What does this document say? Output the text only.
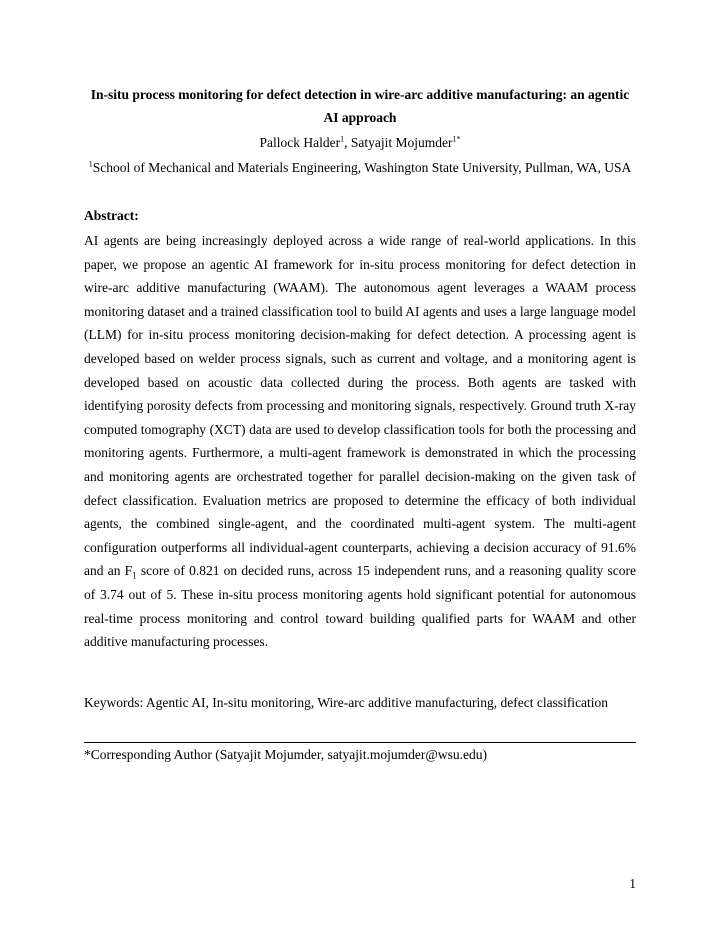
In-situ process monitoring for defect detection in wire-arc additive manufacturing: an agentic AI approach

Pallock Halder$^1$, Satyajit Mojumder$^{1*}$

$^1$School of Mechanical and Materials Engineering, Washington State University, Pullman, WA, USA

Abstract:

AI agents are being increasingly deployed across a wide range of real-world applications. In this paper, we propose an agentic AI framework for in-situ process monitoring for defect detection in wire-arc additive manufacturing (WAAM). The autonomous agent leverages a WAAM process monitoring dataset and a trained classification tool to build AI agents and uses a large language model (LLM) for in-situ process monitoring decision-making for defect detection. A processing agent is developed based on welder process signals, such as current and voltage, and a monitoring agent is developed based on acoustic data collected during the process. Both agents are tasked with identifying porosity defects from processing and monitoring signals, respectively. Ground truth X-ray computed tomography (XCT) data are used to develop classification tools for both the processing and monitoring agents. Furthermore, a multi-agent framework is demonstrated in which the processing and monitoring agents are orchestrated together for parallel decision-making on the given task of defect classification. Evaluation metrics are proposed to determine the efficacy of both individual agents, the combined single-agent, and the coordinated multi-agent system. The multi-agent configuration outperforms all individual-agent counterparts, achieving a decision accuracy of 91.6% and an $F_1$ score of 0.821 on decided runs, across 15 independent runs, and a reasoning quality score of 3.74 out of 5. These in-situ process monitoring agents hold significant potential for autonomous real-time process monitoring and control toward building qualified parts for WAAM and other additive manufacturing processes.

Keywords: Agentic AI, In-situ monitoring, Wire-arc additive manufacturing, defect classification

*Corresponding Author (Satyajit Mojumder, satyajit.mojumder@wsu.edu)

1
